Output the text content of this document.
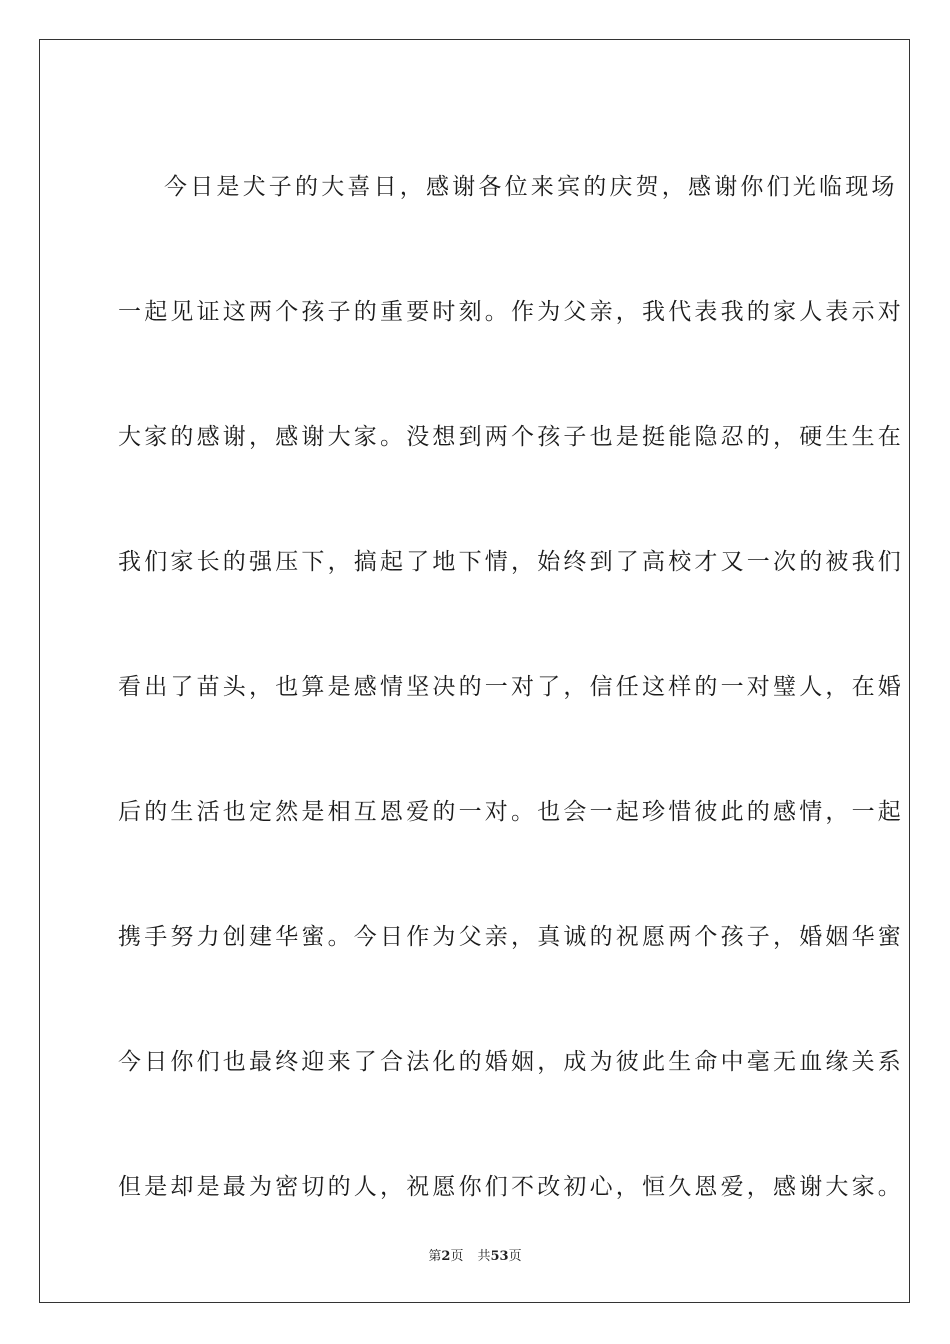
今日是犬子的大喜日，感谢各位来宾的庆贺，感谢你们光临现场
一起见证这两个孩子的重要时刻。作为父亲，我代表我的家人表示对
大家的感谢，感谢大家。没想到两个孩子也是挺能隐忍的，硬生生在
我们家长的强压下，搞起了地下情，始终到了高校才又一次的被我们
看出了苗头，也算是感情坚决的一对了，信任这样的一对璧人，在婚
后的生活也定然是相互恩爱的一对。也会一起珍惜彼此的感情，一起
携手努力创建华蜜。今日作为父亲，真诚的祝愿两个孩子，婚姻华蜜
今日你们也最终迎来了合法化的婚姻，成为彼此生命中毫无血缘关系
但是却是最为密切的人，祝愿你们不改初心，恒久恩爱，感谢大家。
第2页 共53页
